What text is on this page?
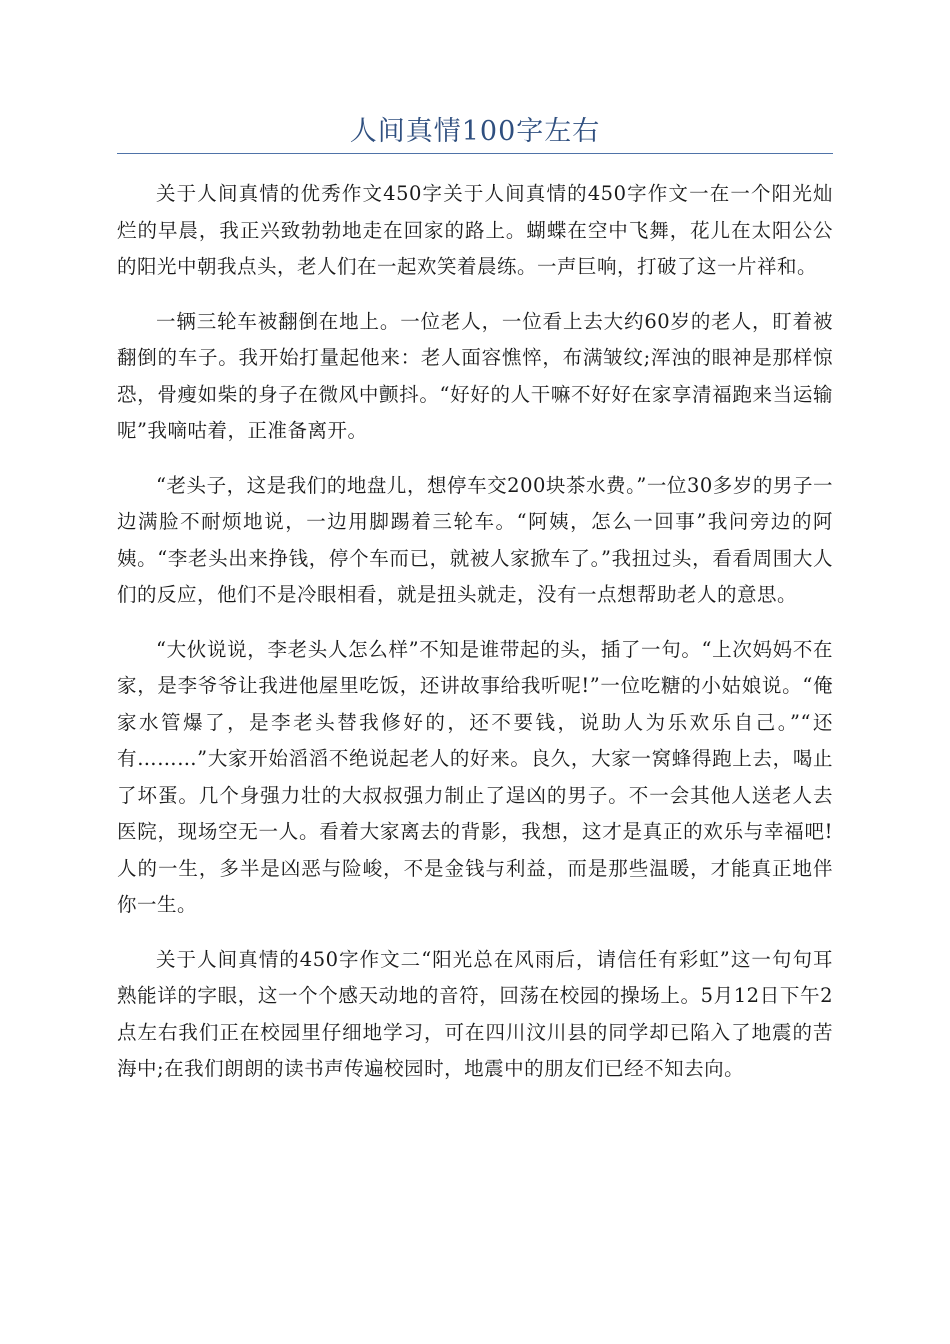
人间真情100字左右

关于人间真情的优秀作文450字关于人间真情的450字作文一在一个阳光灿烂的早晨，我正兴致勃勃地走在回家的路上。蝴蝶在空中飞舞，花儿在太阳公公的阳光中朝我点头，老人们在一起欢笑着晨练。一声巨响，打破了这一片祥和。

一辆三轮车被翻倒在地上。一位老人，一位看上去大约60岁的老人，盯着被翻倒的车子。我开始打量起他来：老人面容憔悴，布满皱纹;浑浊的眼神是那样惊恐，骨瘦如柴的身子在微风中颤抖。“好好的人干嘛不好好在家享清福跑来当运输呢”我嘀咕着，正准备离开。

“老头子，这是我们的地盘儿，想停车交200块茶水费。”一位30多岁的男子一边满脸不耐烦地说，一边用脚踢着三轮车。“阿姨，怎么一回事”我问旁边的阿姨。“李老头出来挣钱，停个车而已，就被人家掀车了。”我扭过头，看看周围大人们的反应，他们不是冷眼相看，就是扭头就走，没有一点想帮助老人的意思。

“大伙说说，李老头人怎么样”不知是谁带起的头，插了一句。“上次妈妈不在家，是李爷爷让我进他屋里吃饭，还讲故事给我听呢!”一位吃糖的小姑娘说。“俺家水管爆了，是李老头替我修好的，还不要钱，说助人为乐欢乐自己。”“还有………”大家开始滔滔不绝说起老人的好来。良久，大家一窝蜂得跑上去，喝止了坏蛋。几个身强力壮的大叔叔强力制止了逞凶的男子。不一会其他人送老人去医院，现场空无一人。看着大家离去的背影，我想，这才是真正的欢乐与幸福吧!人的一生，多半是凶恶与险峻，不是金钱与利益，而是那些温暖，才能真正地伴你一生。

关于人间真情的450字作文二“阳光总在风雨后，请信任有彩虹”这一句句耳熟能详的字眼，这一个个感天动地的音符，回荡在校园的操场上。5月12日下午2点左右我们正在校园里仔细地学习，可在四川汶川县的同学却已陷入了地震的苦海中;在我们朗朗的读书声传遍校园时，地震中的朋友们已经不知去向。
